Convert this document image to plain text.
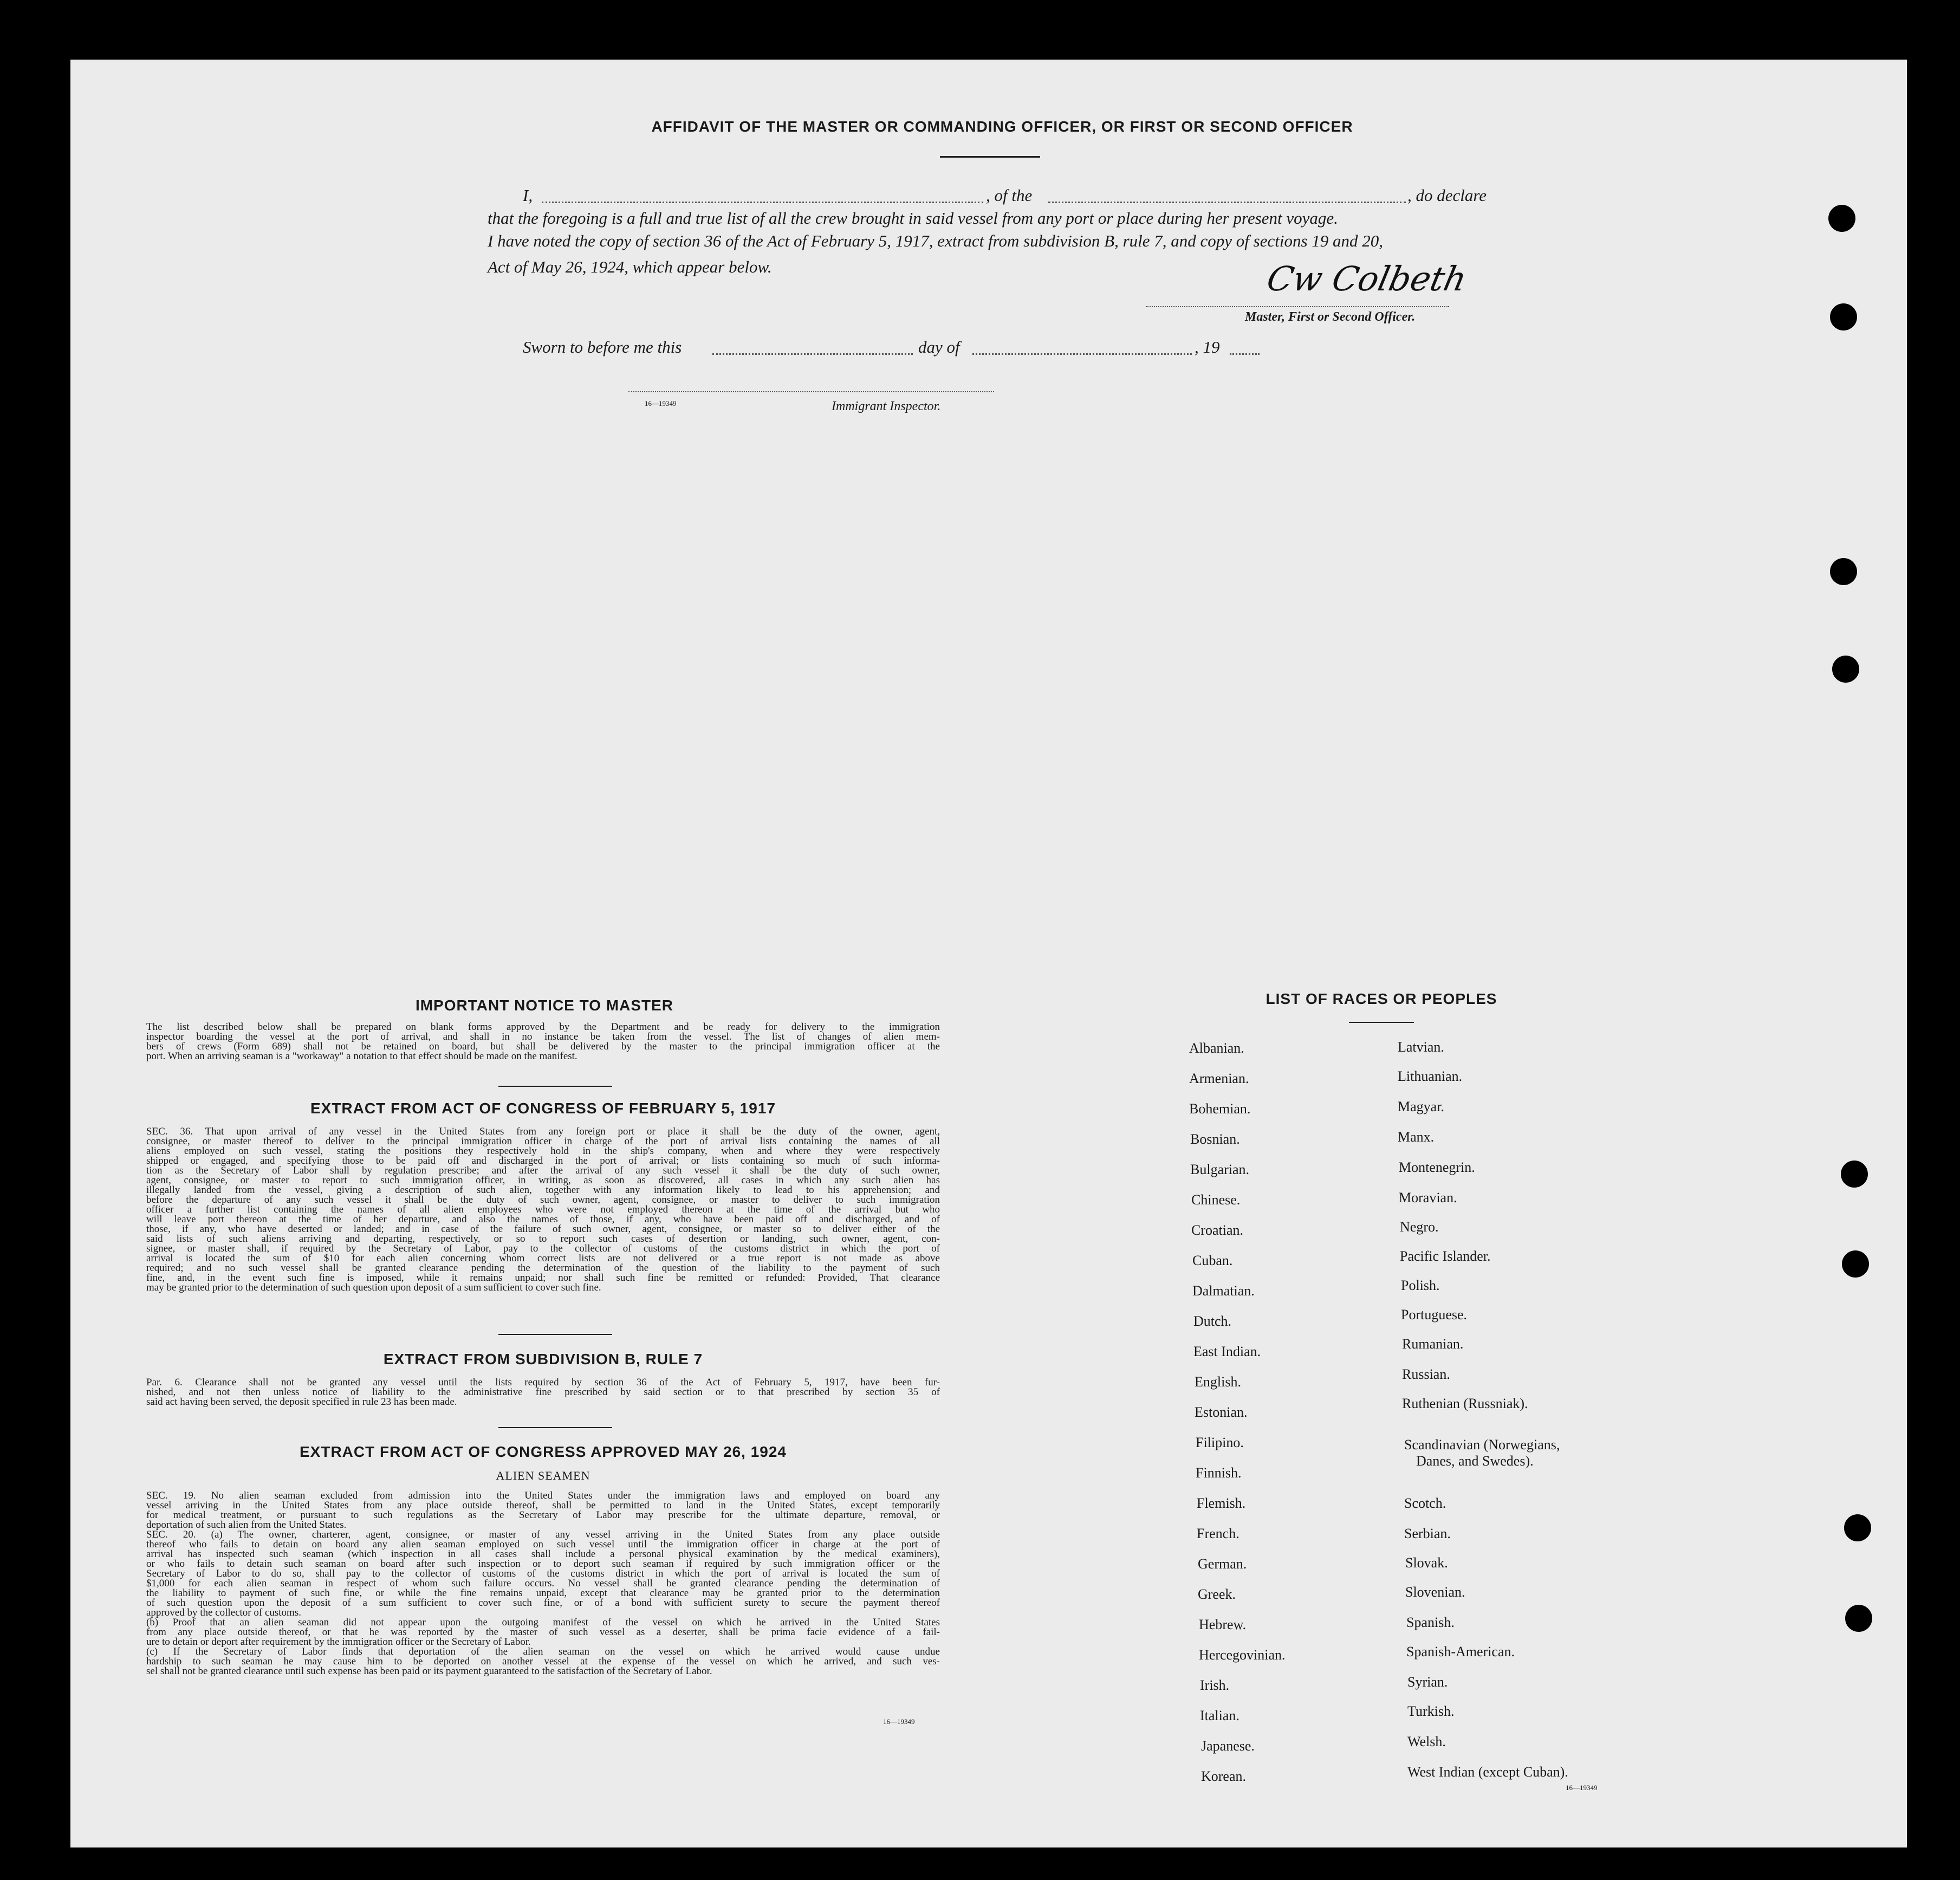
AFFIDAVIT OF THE MASTER OR COMMANDING OFFICER, OR FIRST OR SECOND OFFICER
I,	, of the	, do declare
that the foregoing is a full and true list of all the crew brought in said vessel from any port or place during her present voyage.
I have noted the copy of section 36 of the Act of February 5, 1917, extract from subdivision B, rule 7, and copy of sections 19 and 20,
Act of May 26, 1924, which appear below.	Cw Colbeth
Master, First or Second Officer.
Sworn to before me this	day of	, 19
16—19349	Immigrant Inspector.
IMPORTANT NOTICE TO MASTER
The list described below shall be prepared on blank forms approved by the Department and be ready for delivery to the immigration
inspector boarding the vessel at the port of arrival, and shall in no instance be taken from the vessel. The list of changes of alien mem-
bers of crews (Form 689) shall not be retained on board, but shall be delivered by the master to the principal immigration officer at the
port. When an arriving seaman is a "workaway" a notation to that effect should be made on the manifest.
EXTRACT FROM ACT OF CONGRESS OF FEBRUARY 5, 1917
SEC. 36. That upon arrival of any vessel in the United States from any foreign port or place it shall be the duty of the owner, agent,
consignee, or master thereof to deliver to the principal immigration officer in charge of the port of arrival lists containing the names of all
aliens employed on such vessel, stating the positions they respectively hold in the ship's company, when and where they were respectively
shipped or engaged, and specifying those to be paid off and discharged in the port of arrival; or lists containing so much of such informa-
tion as the Secretary of Labor shall by regulation prescribe; and after the arrival of any such vessel it shall be the duty of such owner,
agent, consignee, or master to report to such immigration officer, in writing, as soon as discovered, all cases in which any such alien has
illegally landed from the vessel, giving a description of such alien, together with any information likely to lead to his apprehension; and
before the departure of any such vessel it shall be the duty of such owner, agent, consignee, or master to deliver to such immigration
officer a further list containing the names of all alien employees who were not employed thereon at the time of the arrival but who
will leave port thereon at the time of her departure, and also the names of those, if any, who have been paid off and discharged, and of
those, if any, who have deserted or landed; and in case of the failure of such owner, agent, consignee, or master so to deliver either of the
said lists of such aliens arriving and departing, respectively, or so to report such cases of desertion or landing, such owner, agent, con-
signee, or master shall, if required by the Secretary of Labor, pay to the collector of customs of the customs district in which the port of
arrival is located the sum of $10 for each alien concerning whom correct lists are not delivered or a true report is not made as above
required; and no such vessel shall be granted clearance pending the determination of the question of the liability to the payment of such
fine, and, in the event such fine is imposed, while it remains unpaid; nor shall such fine be remitted or refunded: Provided, That clearance
may be granted prior to the determination of such question upon deposit of a sum sufficient to cover such fine.
EXTRACT FROM SUBDIVISION B, RULE 7
Par. 6. Clearance shall not be granted any vessel until the lists required by section 36 of the Act of February 5, 1917, have been fur-
nished, and not then unless notice of liability to the administrative fine prescribed by said section or to that prescribed by section 35 of
said act having been served, the deposit specified in rule 23 has been made.
EXTRACT FROM ACT OF CONGRESS APPROVED MAY 26, 1924
ALIEN SEAMEN
SEC. 19. No alien seaman excluded from admission into the United States under the immigration laws and employed on board any
vessel arriving in the United States from any place outside thereof, shall be permitted to land in the United States, except temporarily
for medical treatment, or pursuant to such regulations as the Secretary of Labor may prescribe for the ultimate departure, removal, or
deportation of such alien from the United States.
SEC. 20. (a) The owner, charterer, agent, consignee, or master of any vessel arriving in the United States from any place outside
thereof who fails to detain on board any alien seaman employed on such vessel until the immigration officer in charge at the port of
arrival has inspected such seaman (which inspection in all cases shall include a personal physical examination by the medical examiners),
or who fails to detain such seaman on board after such inspection or to deport such seaman if required by such immigration officer or the
Secretary of Labor to do so, shall pay to the collector of customs of the customs district in which the port of arrival is located the sum of
$1,000 for each alien seaman in respect of whom such failure occurs. No vessel shall be granted clearance pending the determination of
the liability to payment of such fine, or while the fine remains unpaid, except that clearance may be granted prior to the determination
of such question upon the deposit of a sum sufficient to cover such fine, or of a bond with sufficient surety to secure the payment thereof
approved by the collector of customs.
(b) Proof that an alien seaman did not appear upon the outgoing manifest of the vessel on which he arrived in the United States
from any place outside thereof, or that he was reported by the master of such vessel as a deserter, shall be prima facie evidence of a fail-
ure to detain or deport after requirement by the immigration officer or the Secretary of Labor.
(c) If the Secretary of Labor finds that deportation of the alien seaman on the vessel on which he arrived would cause undue
hardship to such seaman he may cause him to be deported on another vessel at the expense of the vessel on which he arrived, and such ves-
sel shall not be granted clearance until such expense has been paid or its payment guaranteed to the satisfaction of the Secretary of Labor.
16—19349
LIST OF RACES OR PEOPLES
Albanian.
Armenian.
Bohemian.
Bosnian.
Bulgarian.
Chinese.
Croatian.
Cuban.
Dalmatian.
Dutch.
East Indian.
English.
Estonian.
Filipino.
Finnish.
Flemish.
French.
German.
Greek.
Hebrew.
Hercegovinian.
Irish.
Italian.
Japanese.
Korean.
Latvian.
Lithuanian.
Magyar.
Manx.
Montenegrin.
Moravian.
Negro.
Pacific Islander.
Polish.
Portuguese.
Rumanian.
Russian.
Ruthenian (Russniak).
Scandinavian (Norwegians,
Danes, and Swedes).
Scotch.
Serbian.
Slovak.
Slovenian.
Spanish.
Spanish-American.
Syrian.
Turkish.
Welsh.
West Indian (except Cuban).
16—19349
